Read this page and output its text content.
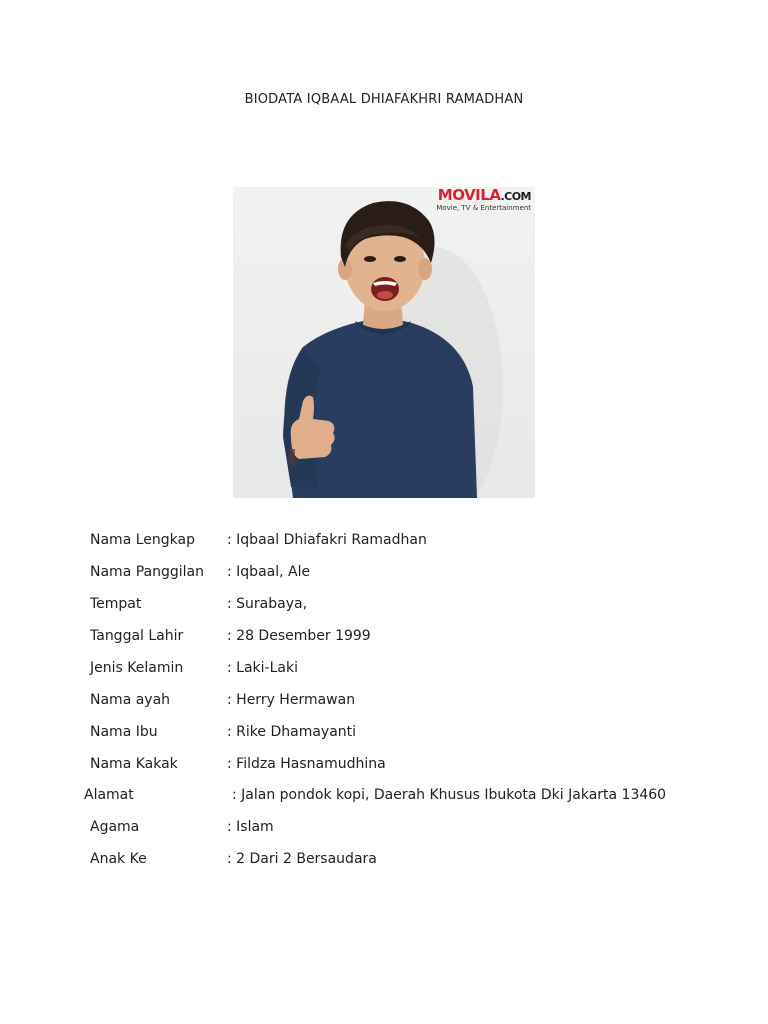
BIODATA IQBAAL DHIAFAKHRI RAMADHAN
MOVILA.COM
Movie, TV & Entertainment
Nama Lengkap : Iqbaal Dhiafakri Ramadhan
Nama Panggilan : Iqbaal, Ale
Tempat	: Surabaya,
Tanggal Lahir	: 28 Desember 1999
Jenis Kelamin	: Laki-Laki
Nama ayah	: Herry Hermawan
Nama Ibu	: Rike Dhamayanti
Nama Kakak	: Fildza Hasnamudhina
Alamat	: Jalan pondok kopi, Daerah Khusus Ibukota Dki Jakarta 13460
Agama	: Islam
Anak Ke	: 2 Dari 2 Bersaudara
